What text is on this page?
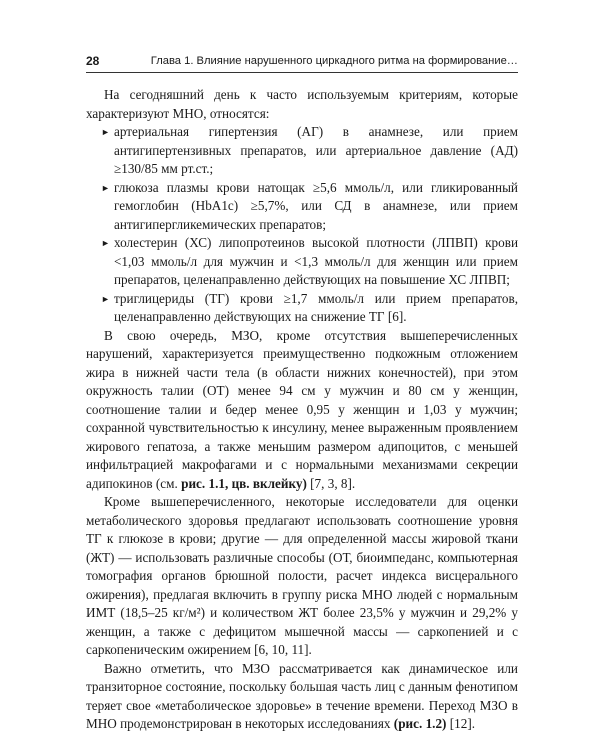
28	Глава 1. Влияние нарушенного циркадного ритма на формирование…

На сегодняшний день к часто используемым критериям, которые характеризуют МНО, относятся:

► артериальная гипертензия (АГ) в анамнезе, или прием антигипертензивных препаратов, или артериальное давление (АД) ≥130/85 мм рт.ст.;
► глюкоза плазмы крови натощак ≥5,6 ммоль/л, или гликированный гемоглобин (HbA1c) ≥5,7%, или СД в анамнезе, или прием антигипергликемических препаратов;
► холестерин (ХС) липопротеинов высокой плотности (ЛПВП) крови <1,03 ммоль/л для мужчин и <1,3 ммоль/л для женщин или прием препаратов, целенаправленно действующих на повышение ХС ЛПВП;
► триглицериды (ТГ) крови ≥1,7 ммоль/л или прием препаратов, целенаправленно действующих на снижение ТГ [6].

В свою очередь, МЗО, кроме отсутствия вышеперечисленных нарушений, характеризуется преимущественно подкожным отложением жира в нижней части тела (в области нижних конечностей), при этом окружность талии (ОТ) менее 94 см у мужчин и 80 см у женщин, соотношение талии и бедер менее 0,95 у женщин и 1,03 у мужчин; сохранной чувствительностью к инсулину, менее выраженным проявлением жирового гепатоза, а также меньшим размером адипоцитов, с меньшей инфильтрацией макрофагами и с нормальными механизмами секреции адипокинов (см. рис. 1.1, цв. вклейку) [7, 3, 8].

Кроме вышеперечисленного, некоторые исследователи для оценки метаболического здоровья предлагают использовать соотношение уровня ТГ к глюкозе в крови; другие — для определенной массы жировой ткани (ЖТ) — использовать различные способы (ОТ, биоимпеданс, компьютерная томография органов брюшной полости, расчет индекса висцерального ожирения), предлагая включить в группу риска МНО людей с нормальным ИМТ (18,5–25 кг/м²) и количеством ЖТ более 23,5% у мужчин и 29,2% у женщин, а также с дефицитом мышечной массы — саркопенией и с саркопеническим ожирением [6, 10, 11].

Важно отметить, что МЗО рассматривается как динамическое или транзиторное состояние, поскольку большая часть лиц с данным фенотипом теряет свое «метаболическое здоровье» в течение времени. Переход МЗО в МНО продемонстрирован в некоторых исследованиях (рис. 1.2) [12].
